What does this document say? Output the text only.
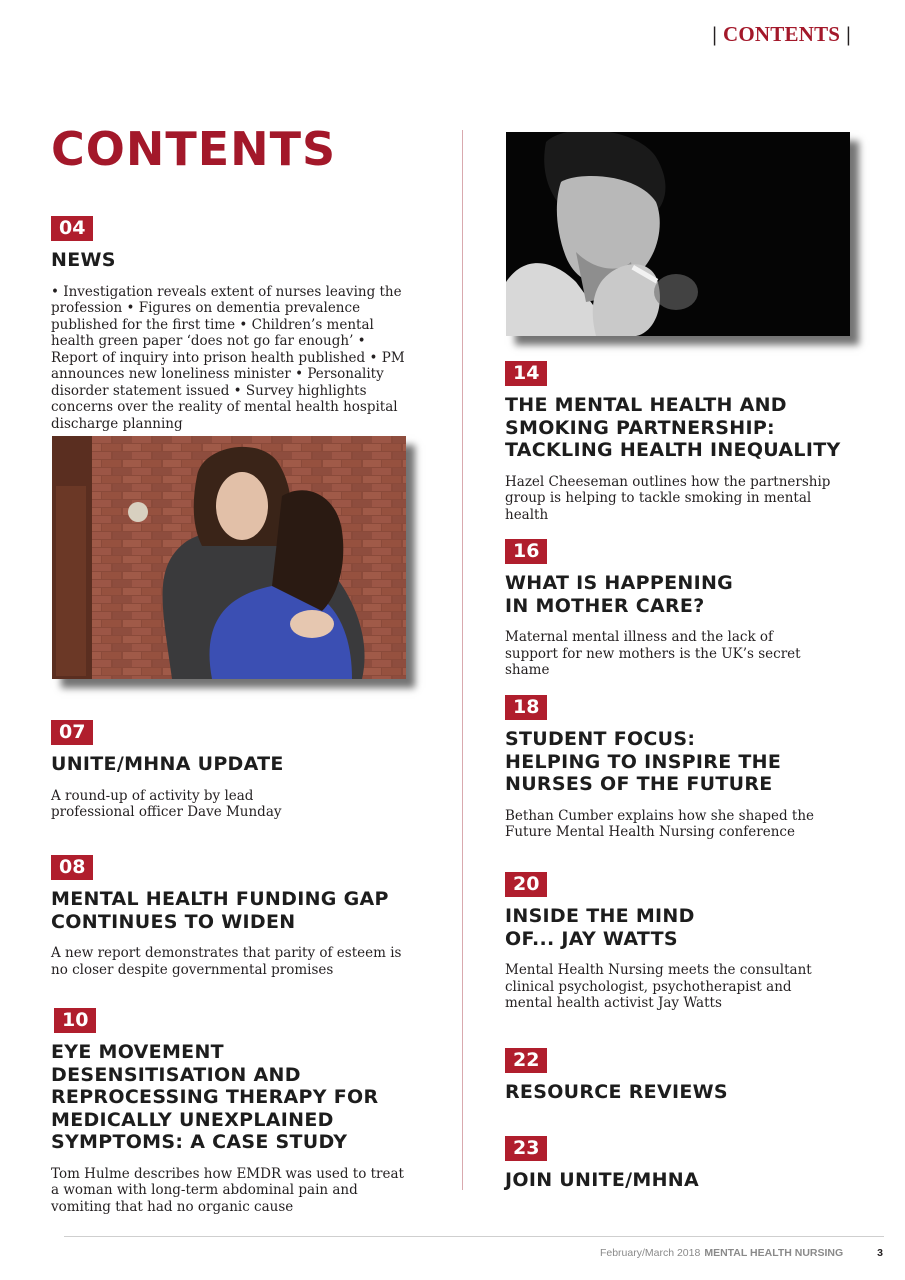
| CONTENTS |
CONTENTS
04
NEWS

• Investigation reveals extent of nurses leaving the profession • Figures on dementia prevalence published for the first time • Children’s mental health green paper ‘does not go far enough’ • Report of inquiry into prison health published • PM announces new loneliness minister • Personality disorder statement issued • Survey highlights concerns over the reality of mental health hospital discharge planning

07
UNITE/MHNA UPDATE

A round-up of activity by lead professional officer Dave Munday

08
MENTAL HEALTH FUNDING GAP CONTINUES TO WIDEN

A new report demonstrates that parity of esteem is no closer despite governmental promises

10
EYE MOVEMENT DESENSITISATION AND REPROCESSING THERAPY FOR MEDICALLY UNEXPLAINED SYMPTOMS: A CASE STUDY

Tom Hulme describes how EMDR was used to treat a woman with long-term abdominal pain and vomiting that had no organic cause

14
THE MENTAL HEALTH AND SMOKING PARTNERSHIP: TACKLING HEALTH INEQUALITY

Hazel Cheeseman outlines how the partnership group is helping to tackle smoking in mental health

16
WHAT IS HAPPENING IN MOTHER CARE?

Maternal mental illness and the lack of support for new mothers is the UK’s secret shame

18
STUDENT FOCUS: HELPING TO INSPIRE THE NURSES OF THE FUTURE

Bethan Cumber explains how she shaped the Future Mental Health Nursing conference

20
INSIDE THE MIND OF... JAY WATTS

Mental Health Nursing meets the consultant clinical psychologist, psychotherapist and mental health activist Jay Watts

22
RESOURCE REVIEWS
23
JOIN UNITE/MHNA
February/March 2018 MENTAL HEALTH NURSING	3
